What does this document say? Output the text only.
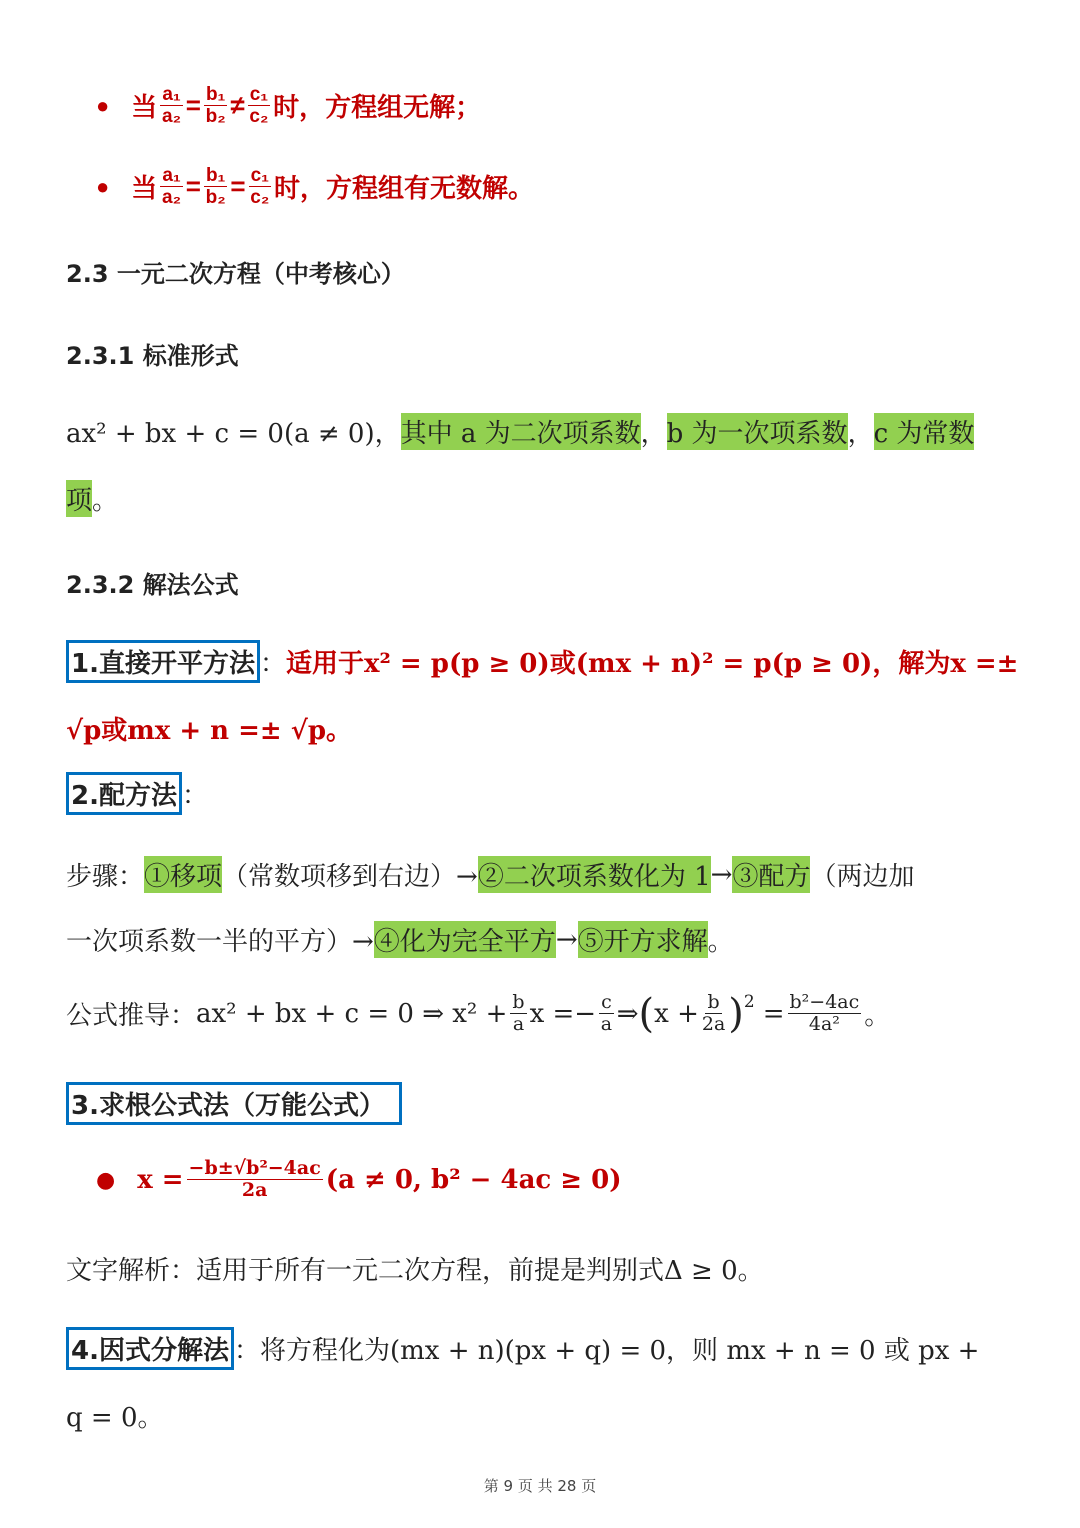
● 当 $\frac{\text{a₁}}{\text{a₂}} = \frac{\text{b₁}}{\text{b₂}} \ne \frac{\text{c₁}}{\text{c₂}}$ 时，方程组无解；
● 当 $\frac{\text{a₁}}{\text{a₂}} = \frac{\text{b₁}}{\text{b₂}} = \frac{\text{c₁}}{\text{c₂}}$ 时，方程组有无数解。
2.3 一元二次方程（中考核心）
2.3.1 标准形式
ax² + bx + c = 0(a ≠ 0)， 其中 a 为二次项系数 ， b 为一次项系数 ， c 为常数
项 。
2.3.2 解法公式
1.直接开平方法 ： 适用于x² = p(p ≥ 0)或(mx + n)² = p(p ≥ 0)，解为x =±
√p或mx + n =± √p。
2.配方法 ：
步骤： ①移项 （常数项移到右边）→ ②二次项系数化为 1 → ③配方 （两边加
一次项系数一半的平方）→ ④化为完全平方 → ⑤开方求解 。
公式推导： ax² + bx + c = 0 ⇒ $x^2 + \frac{b}{a}$ $x =- \frac{c}{a}$ ⇒ ( $x + \frac{b}{2a} )^2 = \frac{\text{b²−4ac}}{\text{4a²}}$ 。
3.求根公式法（万能公式）
● $x = \frac{\text{−b±√b²−4ac}}{2a} (a \ne 0$, b² − 4ac ≥ 0)
文字解析： 适用于所有一元二次方程，前提是判别式Δ ≥ 0。
4.因式分解法 ： 将方程化为(mx + n)(px + q) = 0，则 mx + n = 0 或 px +
q = 0。
第 9 页 共 28 页
